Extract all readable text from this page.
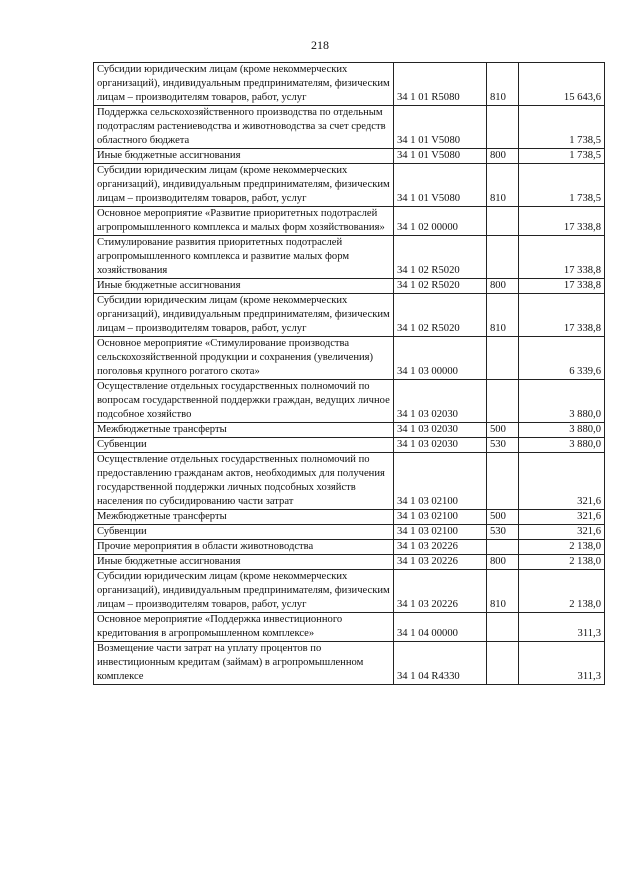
218
Субсидии юридическим лицам (кроме некоммерческих организаций), индивидуальным предпринимателям, физическим лицам – производителям товаров, работ, услуг	34 1 01 R5080	810	15 643,6
Поддержка сельскохозяйственного производства по отдельным подотраслям растениеводства и животноводства за счет средств областного бюджета	34 1 01 V5080		1 738,5
Иные бюджетные ассигнования	34 1 01 V5080	800	1 738,5
Субсидии юридическим лицам (кроме некоммерческих организаций), индивидуальным предпринимателям, физическим лицам – производителям товаров, работ, услуг	34 1 01 V5080	810	1 738,5
Основное мероприятие «Развитие приоритетных подотраслей агропромышленного комплекса и малых форм хозяйствования»	34 1 02 00000		17 338,8
Стимулирование развития приоритетных подотраслей агропромышленного комплекса и развитие малых форм хозяйствования	34 1 02 R5020		17 338,8
Иные бюджетные ассигнования	34 1 02 R5020	800	17 338,8
Субсидии юридическим лицам (кроме некоммерческих организаций), индивидуальным предпринимателям, физическим лицам – производителям товаров, работ, услуг	34 1 02 R5020	810	17 338,8
Основное мероприятие «Стимулирование производства сельскохозяйственной продукции и сохранения (увеличения) поголовья крупного рогатого скота»	34 1 03 00000		6 339,6
Осуществление отдельных государственных полномочий по вопросам государственной поддержки граждан, ведущих личное подсобное хозяйство	34 1 03 02030		3 880,0
Межбюджетные трансферты	34 1 03 02030	500	3 880,0
Субвенции	34 1 03 02030	530	3 880,0
Осуществление отдельных государственных полномочий по предоставлению гражданам актов, необходимых для получения государственной поддержки личных подсобных хозяйств населения по субсидированию части затрат	34 1 03 02100		321,6
Межбюджетные трансферты	34 1 03 02100	500	321,6
Субвенции	34 1 03 02100	530	321,6
Прочие мероприятия в области животноводства	34 1 03 20226		2 138,0
Иные бюджетные ассигнования	34 1 03 20226	800	2 138,0
Субсидии юридическим лицам (кроме некоммерческих организаций), индивидуальным предпринимателям, физическим лицам – производителям товаров, работ, услуг	34 1 03 20226	810	2 138,0
Основное мероприятие «Поддержка инвестиционного кредитования в агропромышленном комплексе»	34 1 04 00000		311,3
Возмещение части затрат на уплату процентов по инвестиционным кредитам (займам) в агропромышленном комплексе	34 1 04 R4330		311,3
